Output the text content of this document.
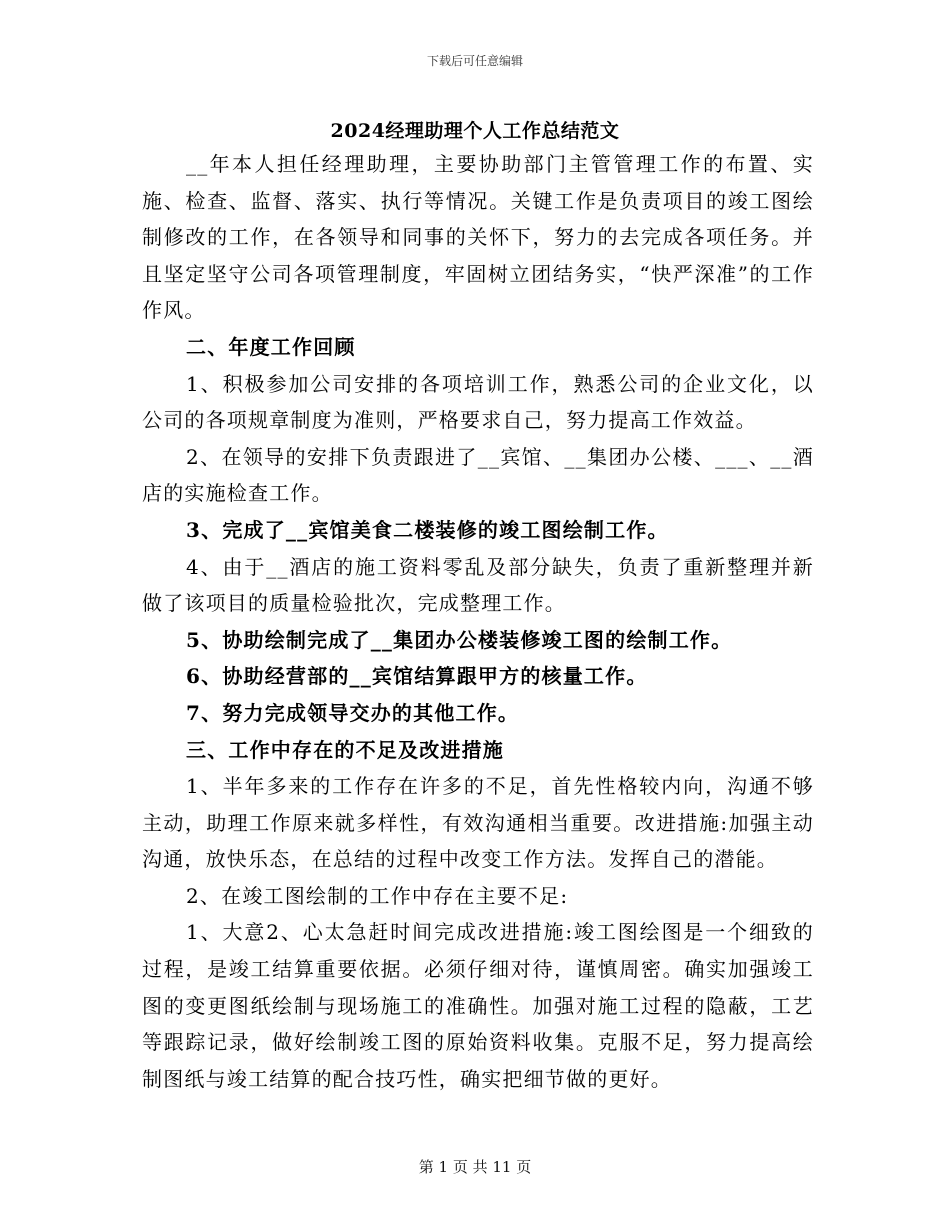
下载后可任意编辑
2024经理助理个人工作总结范文

__年本人担任经理助理，主要协助部门主管管理工作的布置、实施、检查、监督、落实、执行等情况。关键工作是负责项目的竣工图绘制修改的工作，在各领导和同事的关怀下，努力的去完成各项任务。并且坚定坚守公司各项管理制度，牢固树立团结务实，“快严深准”的工作作风。

二、年度工作回顾

1、积极参加公司安排的各项培训工作，熟悉公司的企业文化，以公司的各项规章制度为准则，严格要求自己，努力提高工作效益。

2、在领导的安排下负责跟进了__宾馆、__集团办公楼、___、__酒店的实施检查工作。

3、完成了__宾馆美食二楼装修的竣工图绘制工作。

4、由于__酒店的施工资料零乱及部分缺失，负责了重新整理并新做了该项目的质量检验批次，完成整理工作。

5、协助绘制完成了__集团办公楼装修竣工图的绘制工作。

6、协助经营部的__宾馆结算跟甲方的核量工作。

7、努力完成领导交办的其他工作。

三、工作中存在的不足及改进措施

1、半年多来的工作存在许多的不足，首先性格较内向，沟通不够主动，助理工作原来就多样性，有效沟通相当重要。改进措施:加强主动沟通，放快乐态，在总结的过程中改变工作方法。发挥自己的潜能。

2、在竣工图绘制的工作中存在主要不足:

1、大意2、心太急赶时间完成改进措施:竣工图绘图是一个细致的过程，是竣工结算重要依据。必须仔细对待，谨慎周密。确实加强竣工图的变更图纸绘制与现场施工的准确性。加强对施工过程的隐蔽，工艺等跟踪记录，做好绘制竣工图的原始资料收集。克服不足，努力提高绘制图纸与竣工结算的配合技巧性，确实把细节做的更好。

第 1 页 共 11 页
